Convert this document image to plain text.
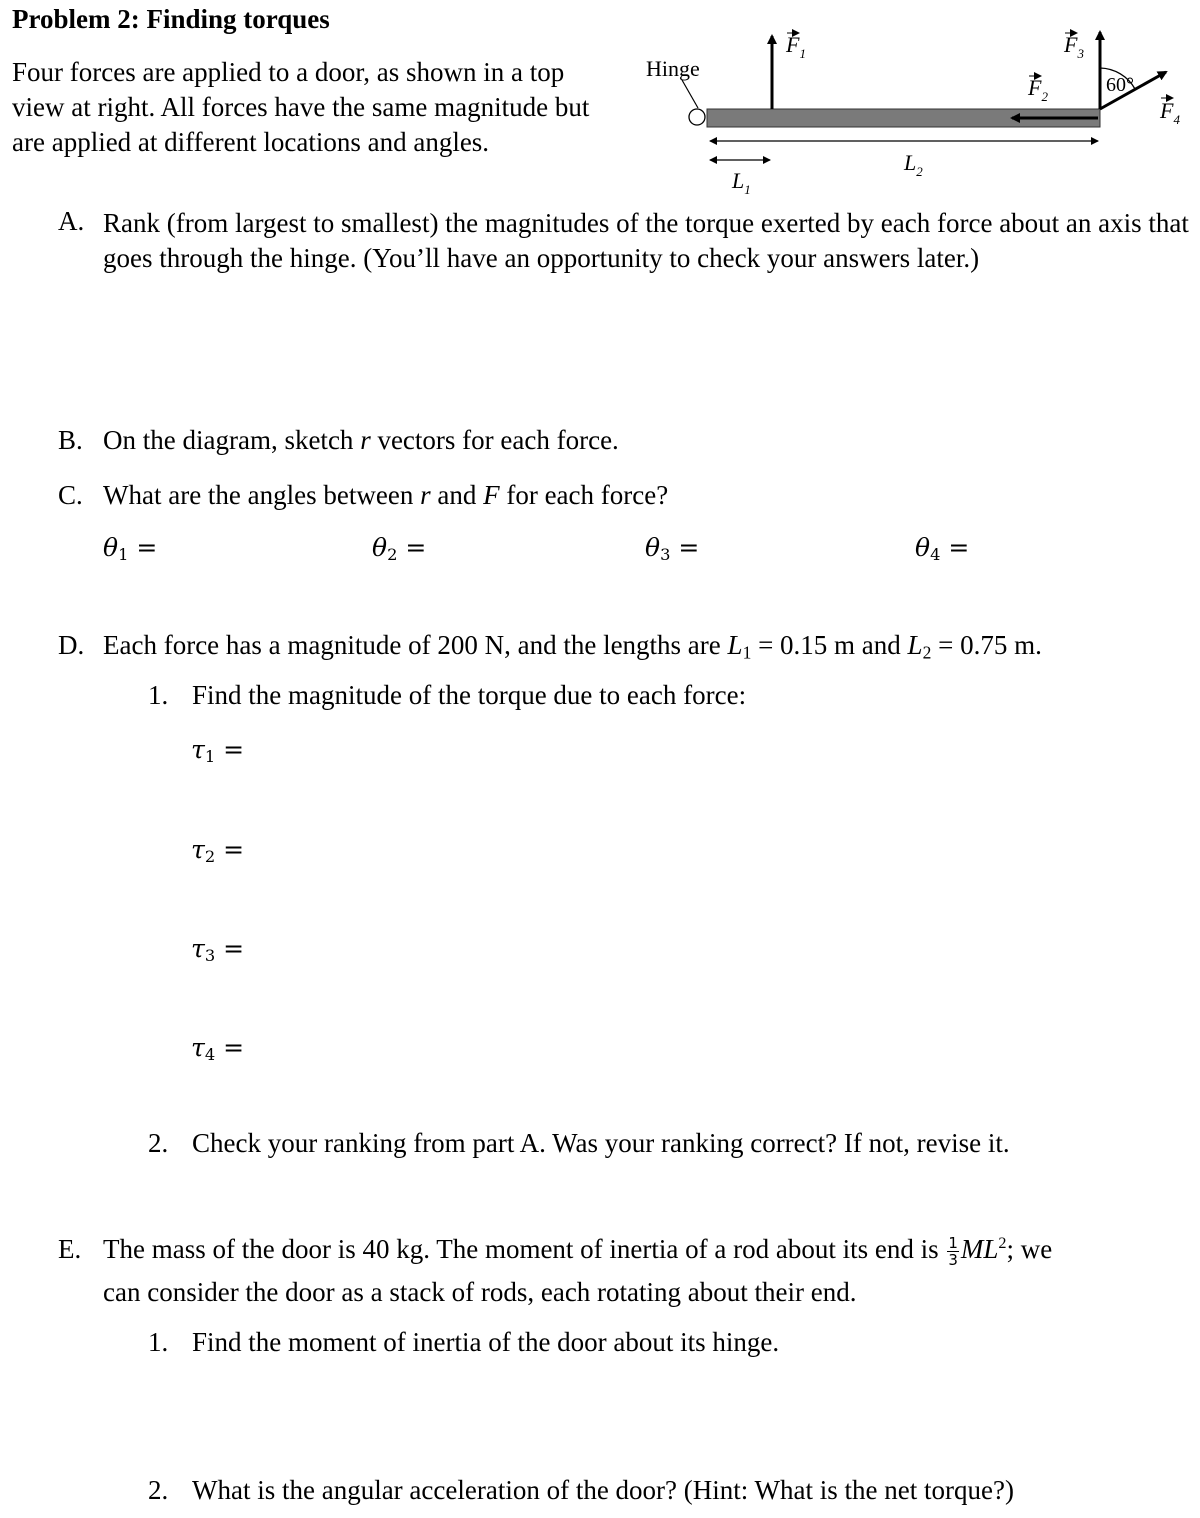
Problem 2: Finding torques
Four forces are applied to a door, as shown in a top view at right. All forces have the same magnitude but are applied at different locations and angles.
Hinge
$F_1$
$F_2$
$F_3$
$F_4$
60°
$L_1$
$L_2$
A. Rank (from largest to smallest) the magnitudes of the torque exerted by each force about an axis that goes through the hinge. (You’ll have an opportunity to check your answers later.)
B. On the diagram, sketch r vectors for each force.
C. What are the angles between r and F for each force?
$\theta_1$ =	$\theta_2$ =	$\theta_3$ =	$\theta_4$ =
D. Each force has a magnitude of 200 N, and the lengths are $L_1 = 0.15$ m and $L_2 = 0.75$ m.
1. Find the magnitude of the torque due to each force:
$\tau_1$ =
$\tau_2$ =
$\tau_3$ =
$\tau_4$ =
2. Check your ranking from part A. Was your ranking correct? If not, revise it.
E. The mass of the door is 40 kg. The moment of inertia of a rod about its end is $\frac{1}{3} ML^2$; we
can consider the door as a stack of rods, each rotating about their end.
1. Find the moment of inertia of the door about its hinge.
2. What is the angular acceleration of the door? (Hint: What is the net torque?)
